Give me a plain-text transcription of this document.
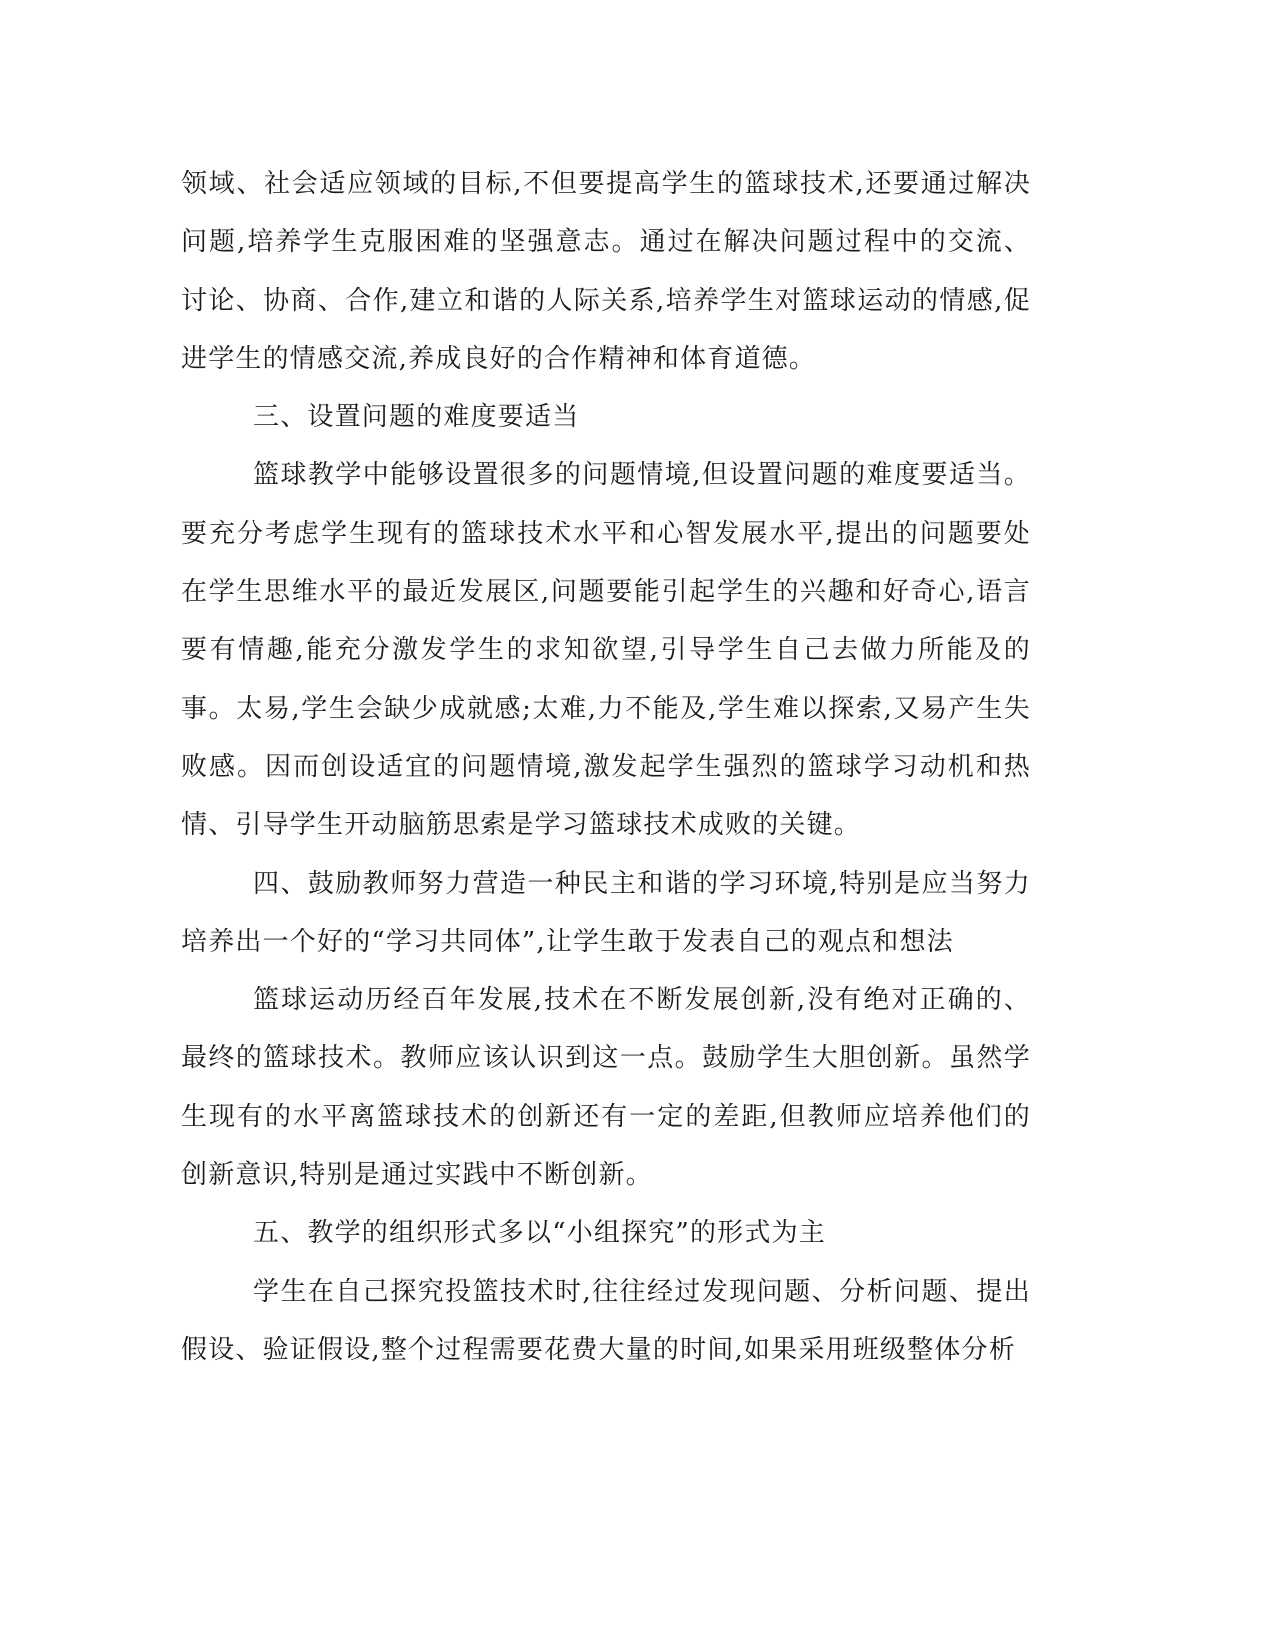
领域、社会适应领域的目标,不但要提高学生的篮球技术,还要通过解决问题,培养学生克服困难的坚强意志。通过在解决问题过程中的交流、讨论、协商、合作,建立和谐的人际关系,培养学生对篮球运动的情感,促进学生的情感交流,养成良好的合作精神和体育道德。

三、设置问题的难度要适当

篮球教学中能够设置很多的问题情境,但设置问题的难度要适当。要充分考虑学生现有的篮球技术水平和心智发展水平,提出的问题要处在学生思维水平的最近发展区,问题要能引起学生的兴趣和好奇心,语言要有情趣,能充分激发学生的求知欲望,引导学生自己去做力所能及的事。太易,学生会缺少成就感;太难,力不能及,学生难以探索,又易产生失败感。因而创设适宜的问题情境,激发起学生强烈的篮球学习动机和热情、引导学生开动脑筋思索是学习篮球技术成败的关键。

四、鼓励教师努力营造一种民主和谐的学习环境,特别是应当努力培养出一个好的“学习共同体”,让学生敢于发表自己的观点和想法

篮球运动历经百年发展,技术在不断发展创新,没有绝对正确的、最终的篮球技术。教师应该认识到这一点。鼓励学生大胆创新。虽然学生现有的水平离篮球技术的创新还有一定的差距,但教师应培养他们的创新意识,特别是通过实践中不断创新。

五、教学的组织形式多以“小组探究”的形式为主

学生在自己探究投篮技术时,往往经过发现问题、分析问题、提出假设、验证假设,整个过程需要花费大量的时间,如果采用班级整体分析
